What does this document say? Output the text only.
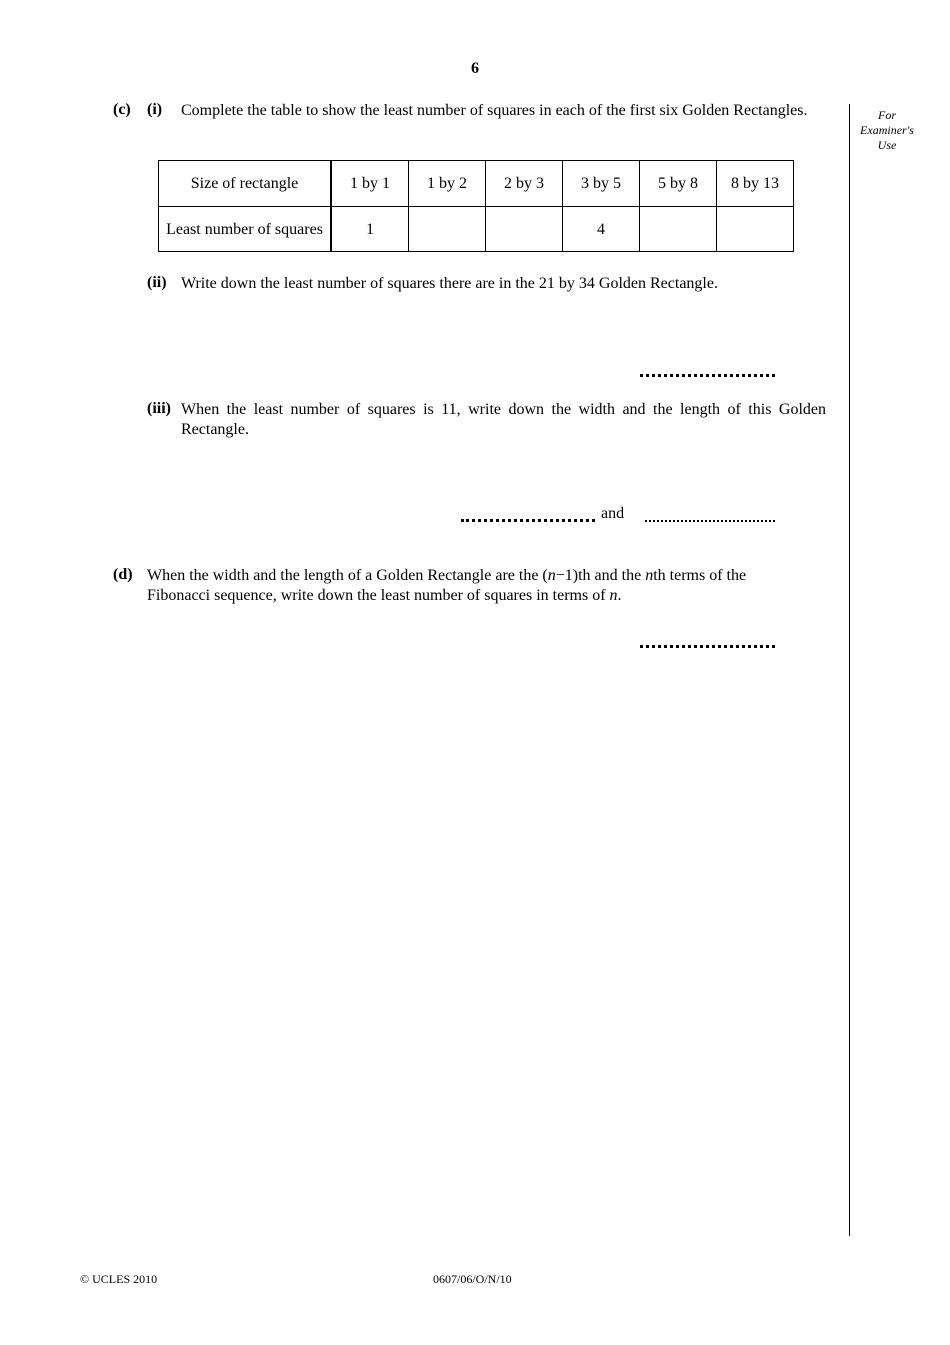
6
For
Examiner's
Use
(c) (i) Complete the table to show the least number of squares in each of the first six Golden Rectangles.
Size of rectangle	1 by 1	1 by 2	2 by 3	3 by 5	5 by 8	8 by 13
Least number of squares	1			4		
(ii) Write down the least number of squares there are in the 21 by 34 Golden Rectangle.
(iii) When the least number of squares is 11, write down the width and the length of this Golden Rectangle.
and
(d) When the width and the length of a Golden Rectangle are the (n−1)th and the nth terms of the
Fibonacci sequence, write down the least number of squares in terms of n.
© UCLES 2010	0607/06/O/N/10
